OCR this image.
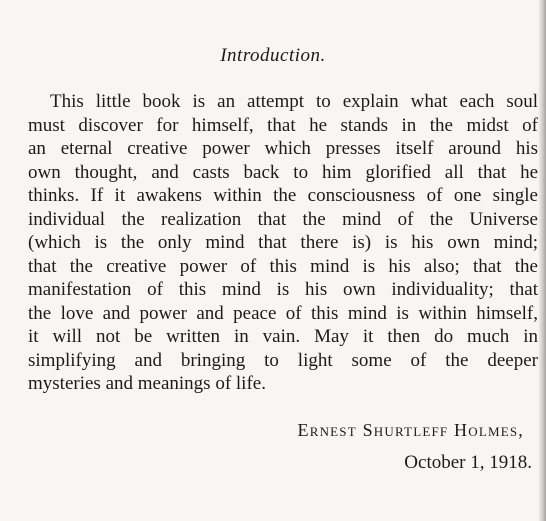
Introduction.
This little book is an attempt to explain what each soul
must discover for himself, that he stands in the midst of
an eternal creative power which presses itself around his
own thought, and casts back to him glorified all that he
thinks. If it awakens within the consciousness of one single
individual the realization that the mind of the Universe
(which is the only mind that there is) is his own mind;
that the creative power of this mind is his also; that the
manifestation of this mind is his own individuality; that
the love and power and peace of this mind is within himself,
it will not be written in vain. May it then do much in
simplifying and bringing to light some of the deeper
mysteries and meanings of life.
Ernest Shurtleff Holmes,
October 1, 1918.
